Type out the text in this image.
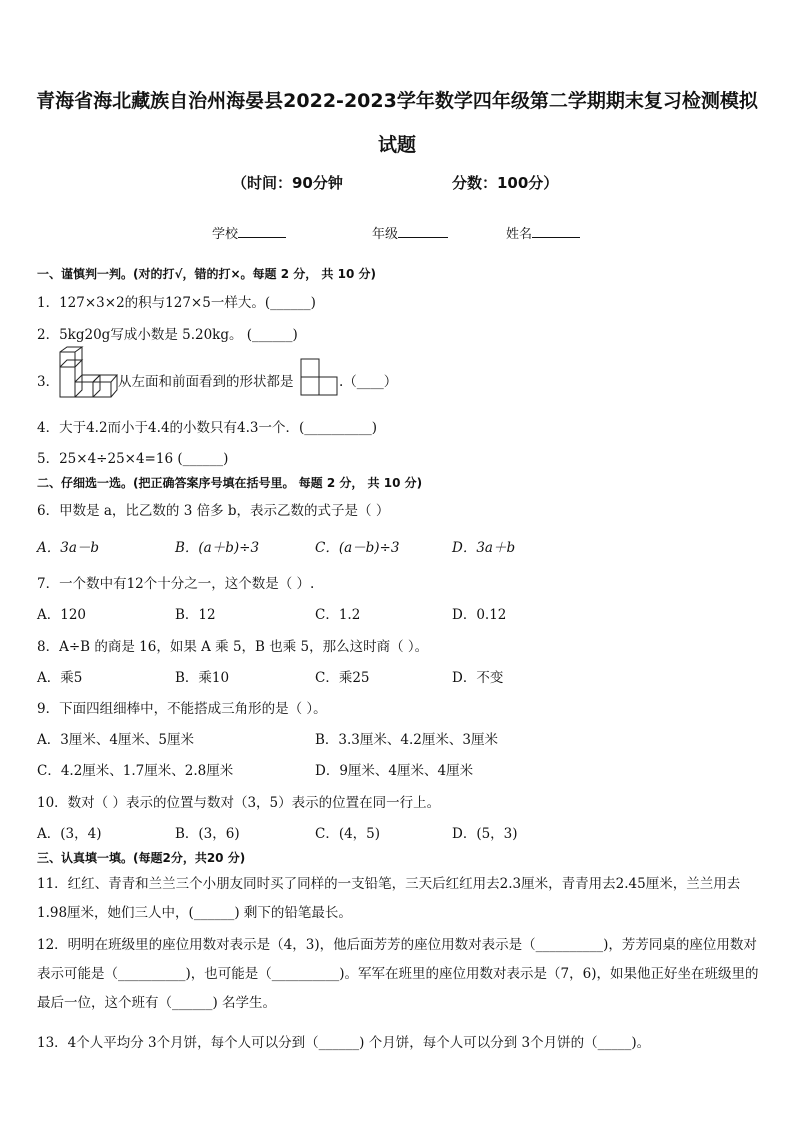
青海省海北藏族自治州海晏县2022-2023学年数学四年级第二学期期末复习检测模拟
试题
（时间：90分钟	分数：100分）
学校	年级	姓名
一、谨慎判一判。(对的打√，错的打×。每题 2 分， 共 10 分)
1．127×3×2的积与127×5一样大。(______)
2．5kg20g写成小数是 5.20kg。 (______)
3．	从左面和前面看到的形状都是	.（____）
4．大于4.2而小于4.4的小数只有4.3一个．(__________)
5．25×4÷25×4=16 (______)
二、仔细选一选。(把正确答案序号填在括号里。 每题 2 分， 共 10 分)
6．甲数是 a，比乙数的 3 倍多 b，表示乙数的式子是（ ）
A．3a－b	B．(a＋b)÷3	C．(a－b)÷3	D．3a＋b
7．一个数中有12个十分之一，这个数是（ ）.
A．120	B．12	C．1.2	D．0.12
8．A÷B 的商是 16，如果 A 乘 5，B 也乘 5，那么这时商（ ）。
A．乘5	B．乘10	C．乘25	D．不变
9．下面四组细棒中，不能搭成三角形的是（ ）。
A．3厘米、4厘米、5厘米	B．3.3厘米、4.2厘米、3厘米
C．4.2厘米、1.7厘米、2.8厘米	D．9厘米、4厘米、4厘米
10．数对（ ）表示的位置与数对（3，5）表示的位置在同一行上。
A．(3，4)	B．(3，6)	C．(4，5)	D．(5，3)
三、认真填一填。(每题2分，共20 分)
11．红红、青青和兰兰三个小朋友同时买了同样的一支铅笔，三天后红红用去2.3厘米，青青用去2.45厘米，兰兰用去1.98厘米，她们三人中，(______) 剩下的铅笔最长。
12．明明在班级里的座位用数对表示是（4，3)，他后面芳芳的座位用数对表示是（__________)，芳芳同桌的座位用数对表示可能是（__________)，也可能是（__________)。军军在班里的座位用数对表示是（7，6)，如果他正好坐在班级里的最后一位，这个班有（______) 名学生。
13．4个人平均分 3个月饼，每个人可以分到（______) 个月饼，每个人可以分到 3个月饼的（_____)。
